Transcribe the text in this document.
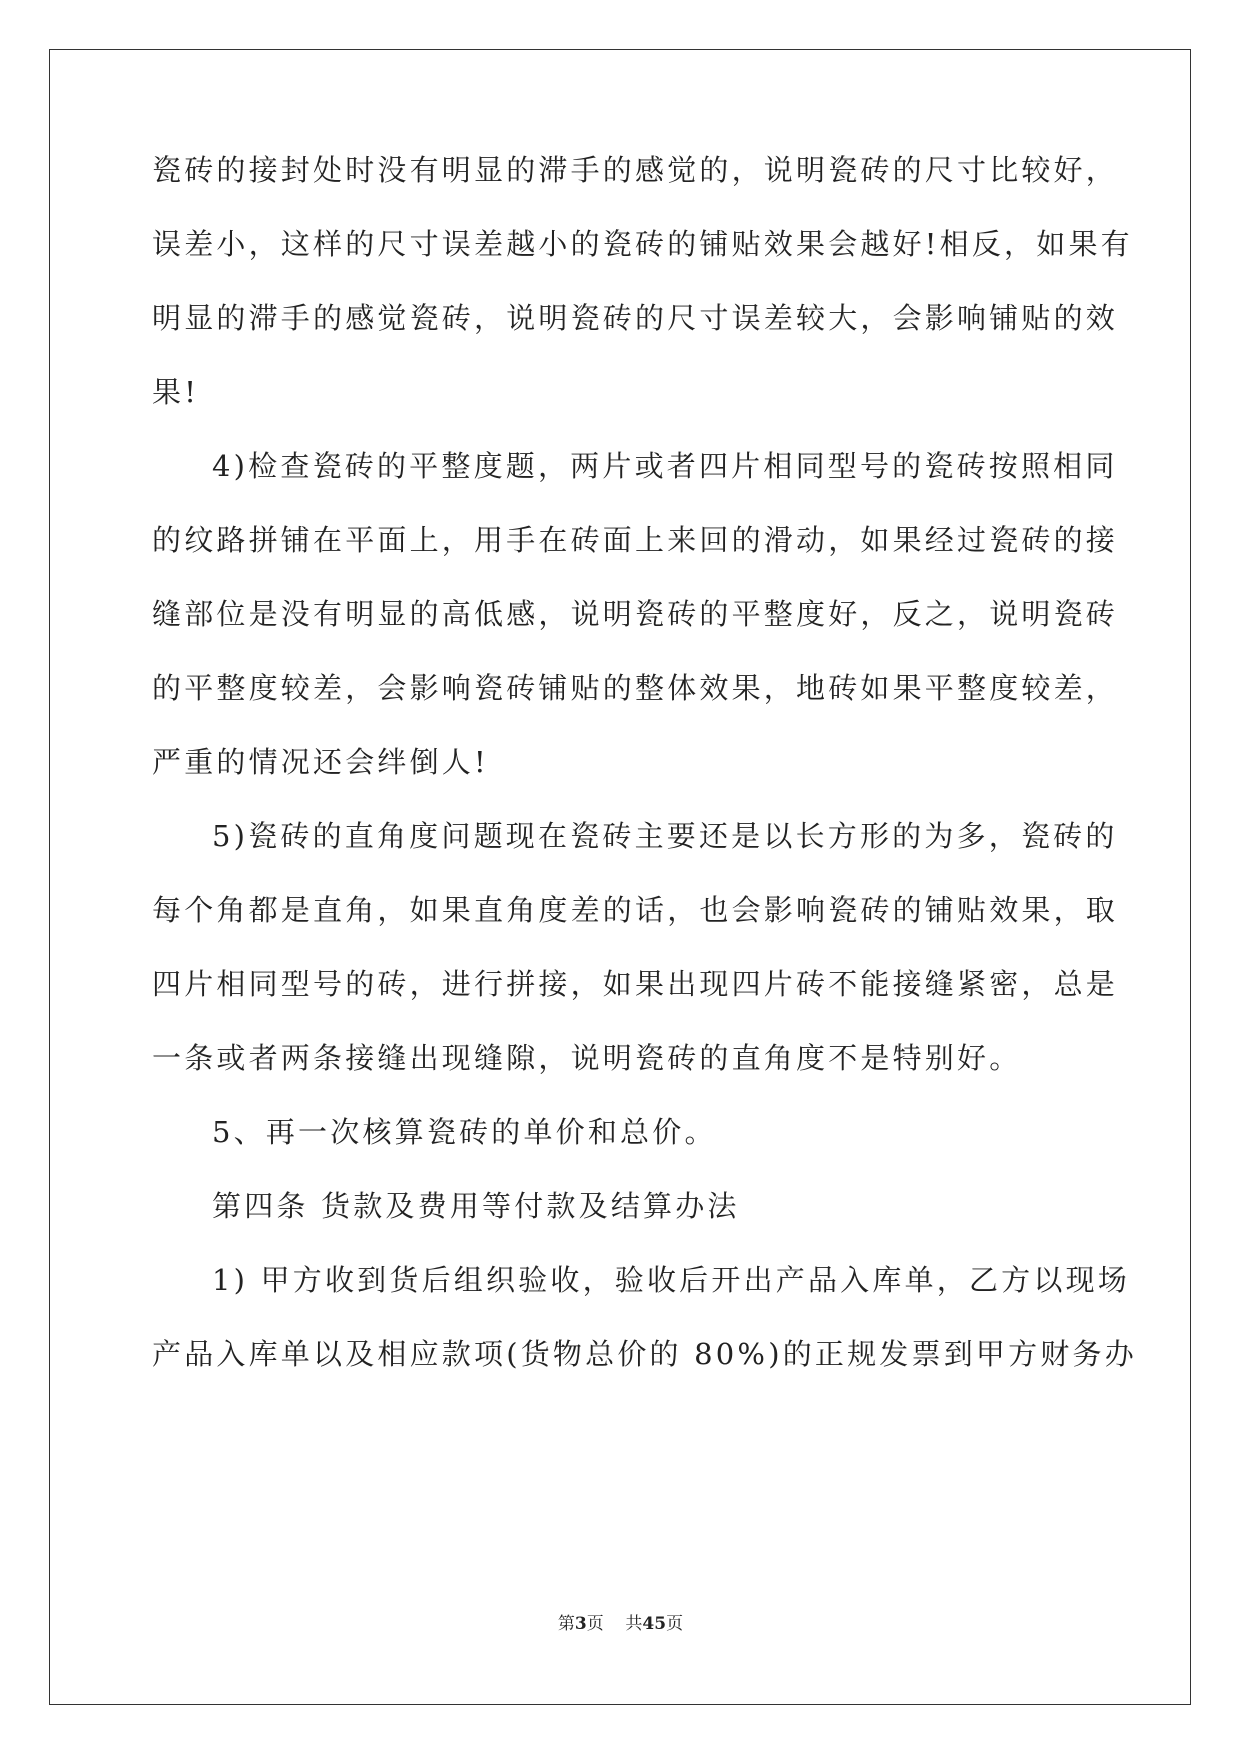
瓷砖的接封处时没有明显的滞手的感觉的，说明瓷砖的尺寸比较好，
误差小，这样的尺寸误差越小的瓷砖的铺贴效果会越好!相反，如果有
明显的滞手的感觉瓷砖，说明瓷砖的尺寸误差较大，会影响铺贴的效
果!
4)检查瓷砖的平整度题，两片或者四片相同型号的瓷砖按照相同
的纹路拼铺在平面上，用手在砖面上来回的滑动，如果经过瓷砖的接
缝部位是没有明显的高低感，说明瓷砖的平整度好，反之，说明瓷砖
的平整度较差，会影响瓷砖铺贴的整体效果，地砖如果平整度较差，
严重的情况还会绊倒人!
5)瓷砖的直角度问题现在瓷砖主要还是以长方形的为多，瓷砖的
每个角都是直角，如果直角度差的话，也会影响瓷砖的铺贴效果，取
四片相同型号的砖，进行拼接，如果出现四片砖不能接缝紧密，总是
一条或者两条接缝出现缝隙，说明瓷砖的直角度不是特别好。
5、再一次核算瓷砖的单价和总价。
第四条 货款及费用等付款及结算办法
1) 甲方收到货后组织验收，验收后开出产品入库单，乙方以现场
产品入库单以及相应款项(货物总价的 80%)的正规发票到甲方财务办
第3页 共45页
